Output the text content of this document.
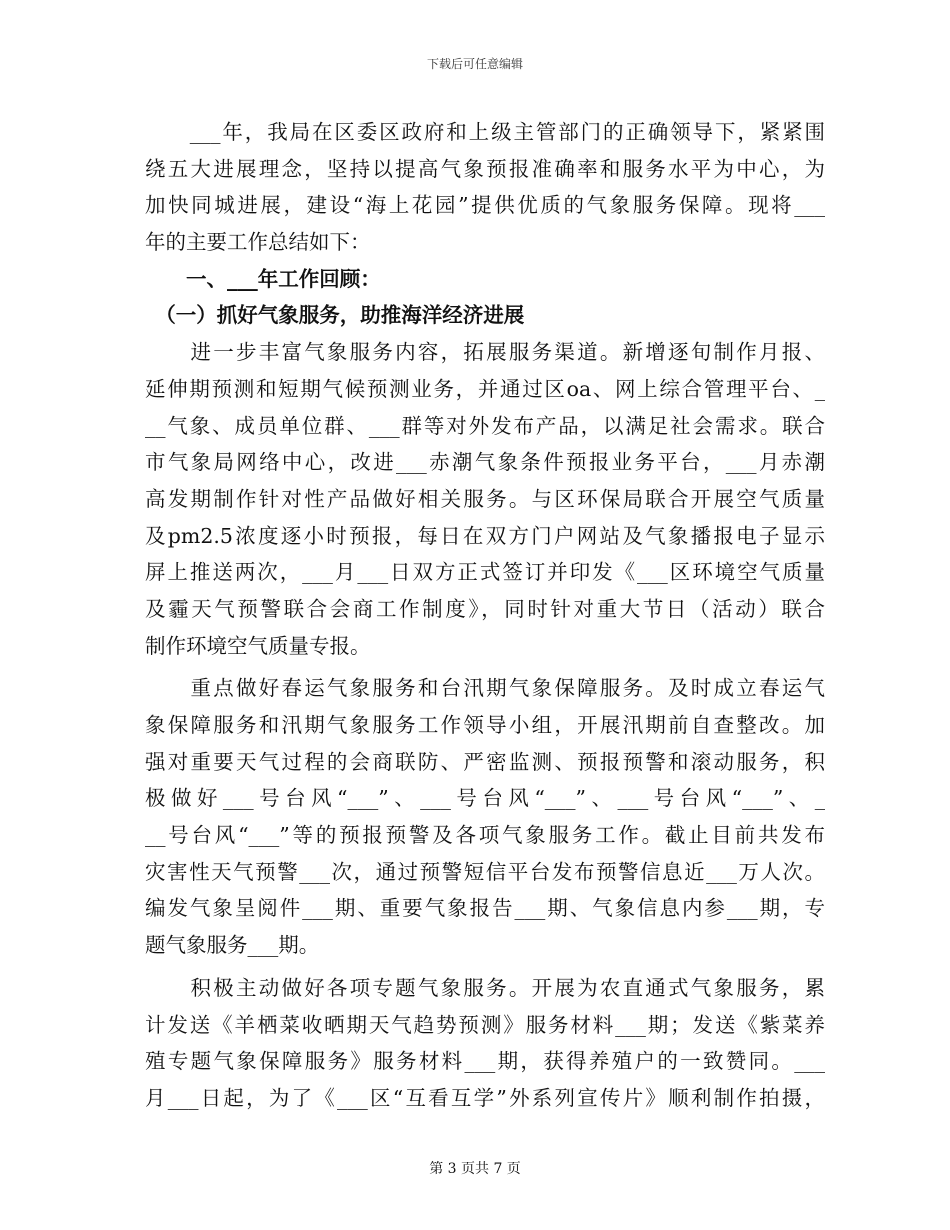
下载后可任意编辑
　　___年，我局在区委区政府和上级主管部门的正确领导下，紧紧围
绕五大进展理念，坚持以提高气象预报准确率和服务水平为中心，为
加快同城进展，建设“海上花园”提供优质的气象服务保障。现将___
年的主要工作总结如下：
　　一、___年工作回顾：
　（一）抓好气象服务，助推海洋经济进展
　　进一步丰富气象服务内容，拓展服务渠道。新增逐旬制作月报、
延伸期预测和短期气候预测业务，并通过区oa、网上综合管理平台、_
__气象、成员单位群、___群等对外发布产品，以满足社会需求。联合
市气象局网络中心，改进___赤潮气象条件预报业务平台，___月赤潮
高发期制作针对性产品做好相关服务。与区环保局联合开展空气质量
及pm2.5浓度逐小时预报，每日在双方门户网站及气象播报电子显示
屏上推送两次，___月___日双方正式签订并印发《___区环境空气质量
及霾天气预警联合会商工作制度》，同时针对重大节日（活动）联合
制作环境空气质量专报。
　　重点做好春运气象服务和台汛期气象保障服务。及时成立春运气
象保障服务和汛期气象服务工作领导小组，开展汛期前自查整改。加
强对重要天气过程的会商联防、严密监测、预报预警和滚动服务，积
极做好___号台风“___”、___号台风“___”、___号台风“___”、_
__号台风“___”等的预报预警及各项气象服务工作。截止目前共发布
灾害性天气预警___次，通过预警短信平台发布预警信息近___万人次。
编发气象呈阅件___期、重要气象报告___期、气象信息内参___期，专
题气象服务___期。
　　积极主动做好各项专题气象服务。开展为农直通式气象服务，累
计发送《羊栖菜收晒期天气趋势预测》服务材料___期；发送《紫菜养
殖专题气象保障服务》服务材料___期，获得养殖户的一致赞同。___
月___日起，为了《___区“互看互学”外系列宣传片》顺利制作拍摄，
第 3 页共 7 页
